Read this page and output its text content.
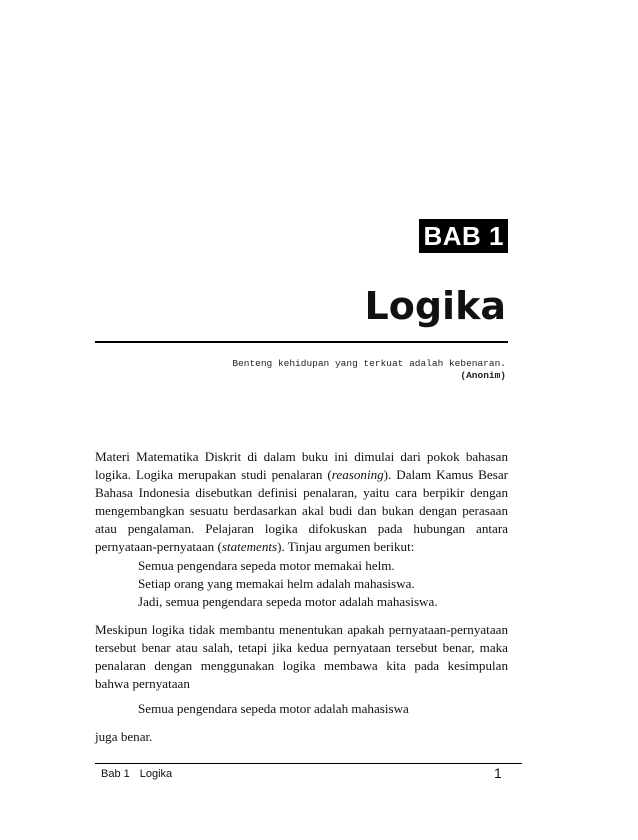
BAB 1
Logika
Benteng kehidupan yang terkuat adalah kebenaran.
(Anonim)

Materi Matematika Diskrit di dalam buku ini dimulai dari pokok bahasan logika. Logika merupakan studi penalaran (reasoning). Dalam Kamus Besar Bahasa Indonesia disebutkan definisi penalaran, yaitu cara berpikir dengan mengembangkan sesuatu berdasarkan akal budi dan bukan dengan perasaan atau pengalaman. Pelajaran logika difokuskan pada hubungan antara pernyataan-pernyataan (statements). Tinjau argumen berikut:

Semua pengendara sepeda motor memakai helm.
Setiap orang yang memakai helm adalah mahasiswa.
Jadi, semua pengendara sepeda motor adalah mahasiswa.

Meskipun logika tidak membantu menentukan apakah pernyataan-pernyataan tersebut benar atau salah, tetapi jika kedua pernyataan tersebut benar, maka penalaran dengan menggunakan logika membawa kita pada kesimpulan bahwa pernyataan

Semua pengendara sepeda motor adalah mahasiswa

juga benar.

Bab 1 Logika	1
